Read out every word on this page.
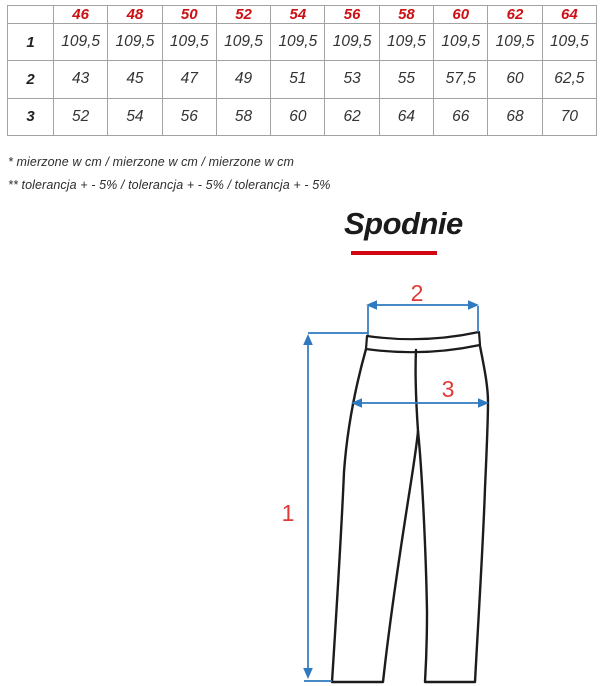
	46	48	50	52	54	56	58	60	62	64
1	109,5	109,5	109,5	109,5	109,5	109,5	109,5	109,5	109,5	109,5
2	43	45	47	49	51	53	55	57,5	60	62,5
3	52	54	56	58	60	62	64	66	68	70
* mierzone w cm / mierzone w cm / mierzone w cm
** tolerancja + - 5% / tolerancja + - 5% / tolerancja + - 5%
Spodnie
2
3
1
